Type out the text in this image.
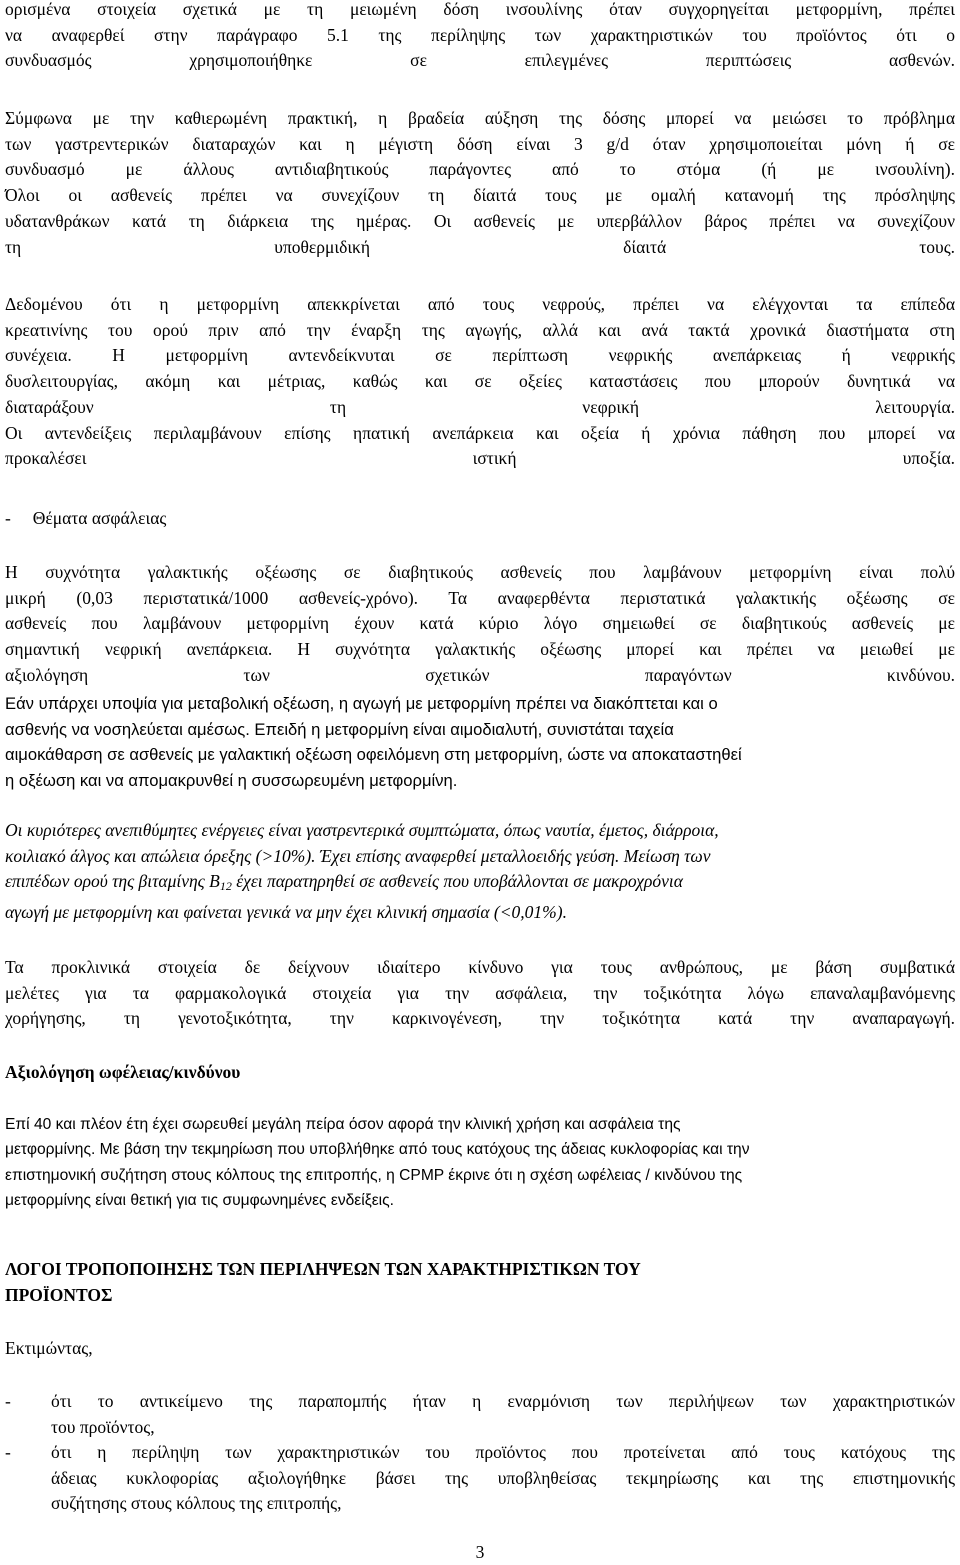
ορισμένα στοιχεία σχετικά με τη μειωμένη δόση ινσουλίνης όταν συγχορηγείται μετφορμίνη, πρέπει
να αναφερθεί στην παράγραφο 5.1 της περίληψης των χαρακτηριστικών του προϊόντος ότι ο
συνδυασμός χρησιμοποιήθηκε σε επιλεγμένες περιπτώσεις ασθενών.
Σύμφωνα με την καθιερωμένη πρακτική, η βραδεία αύξηση της δόσης μπορεί να μειώσει το πρόβλημα
των γαστρεντερικών διαταραχών και η μέγιστη δόση είναι 3 g/d όταν χρησιμοποιείται μόνη ή σε
συνδυασμό με άλλους αντιδιαβητικούς παράγοντες από το στόμα (ή με ινσουλίνη).
Όλοι οι ασθενείς πρέπει να συνεχίζουν τη δίαιτά τους με ομαλή κατανομή της πρόσληψης
υδατανθράκων κατά τη διάρκεια της ημέρας. Οι ασθενείς με υπερβάλλον βάρος πρέπει να συνεχίζουν
τη υποθερμιδική δίαιτά τους.
Δεδομένου ότι η μετφορμίνη απεκκρίνεται από τους νεφρούς, πρέπει να ελέγχονται τα επίπεδα
κρεατινίνης του ορού πριν από την έναρξη της αγωγής, αλλά και ανά τακτά χρονικά διαστήματα στη
συνέχεια. Η μετφορμίνη αντενδείκνυται σε περίπτωση νεφρικής ανεπάρκειας ή νεφρικής
δυσλειτουργίας, ακόμη και μέτριας, καθώς και σε οξείες καταστάσεις που μπορούν δυνητικά να
διαταράξουν τη νεφρική λειτουργία.
Οι αντενδείξεις περιλαμβάνουν επίσης ηπατική ανεπάρκεια και οξεία ή χρόνια πάθηση που μπορεί να
προκαλέσει ιστική υποξία.
-     Θέματα ασφάλειας
Η συχνότητα γαλακτικής οξέωσης σε διαβητικούς ασθενείς που λαμβάνουν μετφορμίνη είναι πολύ
μικρή (0,03 περιστατικά/1000 ασθενείς-χρόνο). Τα αναφερθέντα περιστατικά γαλακτικής οξέωσης σε
ασθενείς που λαμβάνουν μετφορμίνη έχουν κατά κύριο λόγο σημειωθεί σε διαβητικούς ασθενείς με
σημαντική νεφρική ανεπάρκεια. Η συχνότητα γαλακτικής οξέωσης μπορεί και πρέπει να μειωθεί με
αξιολόγηση των σχετικών παραγόντων κινδύνου.
Εάν υπάρχει υποψία για μεταβολική οξέωση, η αγωγή με μετφορμίνη πρέπει να διακόπτεται και ο
ασθενής να νοσηλεύεται αμέσως. Επειδή η μετφορμίνη είναι αιμοδιαλυτή, συνιστάται ταχεία
αιμοκάθαρση σε ασθενείς με γαλακτική οξέωση οφειλόμενη στη μετφορμίνη, ώστε να αποκαταστηθεί
η οξέωση και να απομακρυνθεί η συσσωρευμένη μετφορμίνη.
Οι κυριότερες ανεπιθύμητες ενέργειες είναι γαστρεντερικά συμπτώματα, όπως ναυτία, έμετος, διάρροια,
κοιλιακό άλγος και απώλεια όρεξης (>10%). Έχει επίσης αναφερθεί μεταλλοειδής γεύση. Μείωση των
επιπέδων ορού της βιταμίνης $B_{12}$ έχει παρατηρηθεί σε ασθενείς που υποβάλλονται σε μακροχρόνια
αγωγή με μετφορμίνη και φαίνεται γενικά να μην έχει κλινική σημασία (<0,01%).
Τα προκλινικά στοιχεία δε δείχνουν ιδιαίτερο κίνδυνο για τους ανθρώπους, με βάση συμβατικά
μελέτες για τα φαρμακολογικά στοιχεία για την ασφάλεια, την τοξικότητα λόγω επαναλαμβανόμενης
χορήγησης, τη γενοτοξικότητα, την καρκινογένεση, την τοξικότητα κατά την αναπαραγωγή.
Αξιολόγηση ωφέλειας/κινδύνου
Επί 40 και πλέον έτη έχει σωρευθεί μεγάλη πείρα όσον αφορά την κλινική χρήση και ασφάλεια της
μετφορμίνης. Με βάση την τεκμηρίωση που υποβλήθηκε από τους κατόχους της άδειας κυκλοφορίας και την
επιστημονική συζήτηση στους κόλπους της επιτροπής, η CPMP έκρινε ότι η σχέση ωφέλειας / κινδύνου της
μετφορμίνης είναι θετική για τις συμφωνημένες ενδείξεις.
ΛΟΓΟΙ ΤΡΟΠΟΠΟΙΗΣΗΣ ΤΩΝ ΠΕΡΙΛΗΨΕΩΝ ΤΩΝ ΧΑΡΑΚΤΗΡΙΣΤΙΚΩΝ ΤΟΥ
ΠΡΟΪΟΝΤΟΣ
Εκτιμώντας,
- ότι το αντικείμενο της παραπομπής ήταν η εναρμόνιση των περιλήψεων των χαρακτηριστικών
του προϊόντος,
- ότι η περίληψη των χαρακτηριστικών του προϊόντος που προτείνεται από τους κατόχους της
άδειας κυκλοφορίας αξιολογήθηκε βάσει της υποβληθείσας τεκμηρίωσης και της επιστημονικής
συζήτησης στους κόλπους της επιτροπής,
3
